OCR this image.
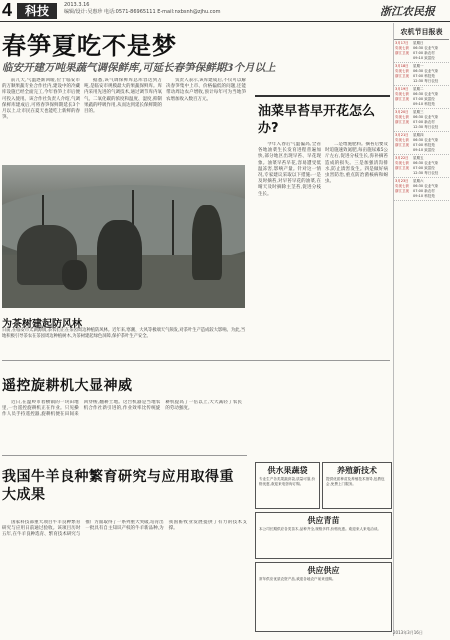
4	科技	2013.3.16
编辑/设计:吴惠珍 电话:0571-86965111 E-mail:nxbsnh@zjhu.com	浙江农民报
春笋夏吃不是梦
临安开建万吨果蔬气调保鲜库,可延长春笋保鲜期3个月以上

前几天,气温逐渐回暖,位于临安市的万顺果蔬专业合作社内,建设中的冷藏库设施已经全面完工,今年春笋上市后便可投入使用。该合作社负责人介绍,气调保鲜库建成后,可将春笋保鲜期延长3个月以上,让市民在夏天也能吃上新鲜的春笋。

据悉,该气调保鲜库总库容达到万吨,是临安市规模最大的果蔬保鲜库。库内采用先进的气调技术,通过调节库内氧气、二氧化碳的浓度和温度、湿度,抑制果蔬的呼吸作用,从而达到延长保鲜期的目的。

负责人表示,该库建成后,不仅可以解决春笋集中上市、价格偏低的问题,还能带动周边农户增收,预计每年可为当地笋农增加收入数百万元。

为茶树建起防风林
日前,在临安市太湖源镇,茶农们正在茶园周边种植防风林。近年来,寒潮、大风等极端天气频发,对茶叶生产造成较大影响。为此,当地积极引导茶农在茶园周边种植树木,为茶树建起绿色屏障,保护茶叶生产安全。
油菜早苔早开花怎么办?

今年入春后气温偏高,全省各地油菜生长发育进程普遍加快,部分地区出现早苔、早花现象。油菜早苔早花,容易遭受低温冻害,影响产量。针对这一情况,专家建议采取以下措施:一是及时摘苔,对早苔早花的油菜,在晴天及时摘除主茎苔,促进分枝生长。

二是增施肥料。摘苔后要及时追施速效氮肥,每亩施尿素5公斤左右,促进分枝生长,弥补摘苔造成的损失。三是加强清沟排水,防止渍害发生。四是做好病虫害防治,重点防治菌核病和蚜虫。

遥控旋耕机大显神威

近日,在温岭市箬横镇的一块田地里,一台遥控旋耕机正在作业。只见操作人员手持遥控器,旋耕机便在田间来回穿梭,翻耕土地。这台机器是当地农机合作社新引进的,作业效率比传统旋耕机提高了一倍以上,大大减轻了农民的劳动强度。

我国牛羊良种繁育研究与应用取得重大成果

国家科技部重大项目牛羊良种繁育研究与应用日前通过验收。该项目历时五年,在牛羊良种选育、繁育技术研究与推广方面取得了一系列重大突破,培育出一批具有自主知识产权的牛羊新品种,为我国畜牧业发展提供了有力的技术支撑。

供水果蔬袋
专业生产各类果蔬套袋,质量可靠,价格优惠,欢迎来电咨询订购。
养殖新技术
提供优质种苗及养殖技术指导,包教包会,免费上门服务。
供应青苗
本公司长期供应各类苗木,品种齐全,规格多样,价格优惠。欢迎来人来电洽谈。
供应供应
常年供应优质农资产品,欢迎各地农户前来选购。
农机节目报表
3月17日	星期日
央视七套	06:30 农业气象
浙江卫视	07:00 新农村
09:10 致富经
3月18日	星期一
央视七套	06:30 农业气象
浙江卫视	07:00 科技苑
12:30 每日农经
3月19日	星期二
央视七套	06:30 农业气象
浙江卫视	07:00 致富经
09:10 科技苑
3月20日	星期三
央视七套	06:30 农业气象
浙江卫视	07:00 新农村
12:30 每日农经
3月21日	星期四
央视七套	06:30 农业气象
浙江卫视	07:00 科技苑
09:10 致富经
3月22日	星期五
央视七套	06:30 农业气象
浙江卫视	07:00 致富经
12:30 每日农经
3月23日	星期六
央视七套	06:30 农业气象
浙江卫视	07:00 新农村
09:10 科技苑
2013年3月16日
